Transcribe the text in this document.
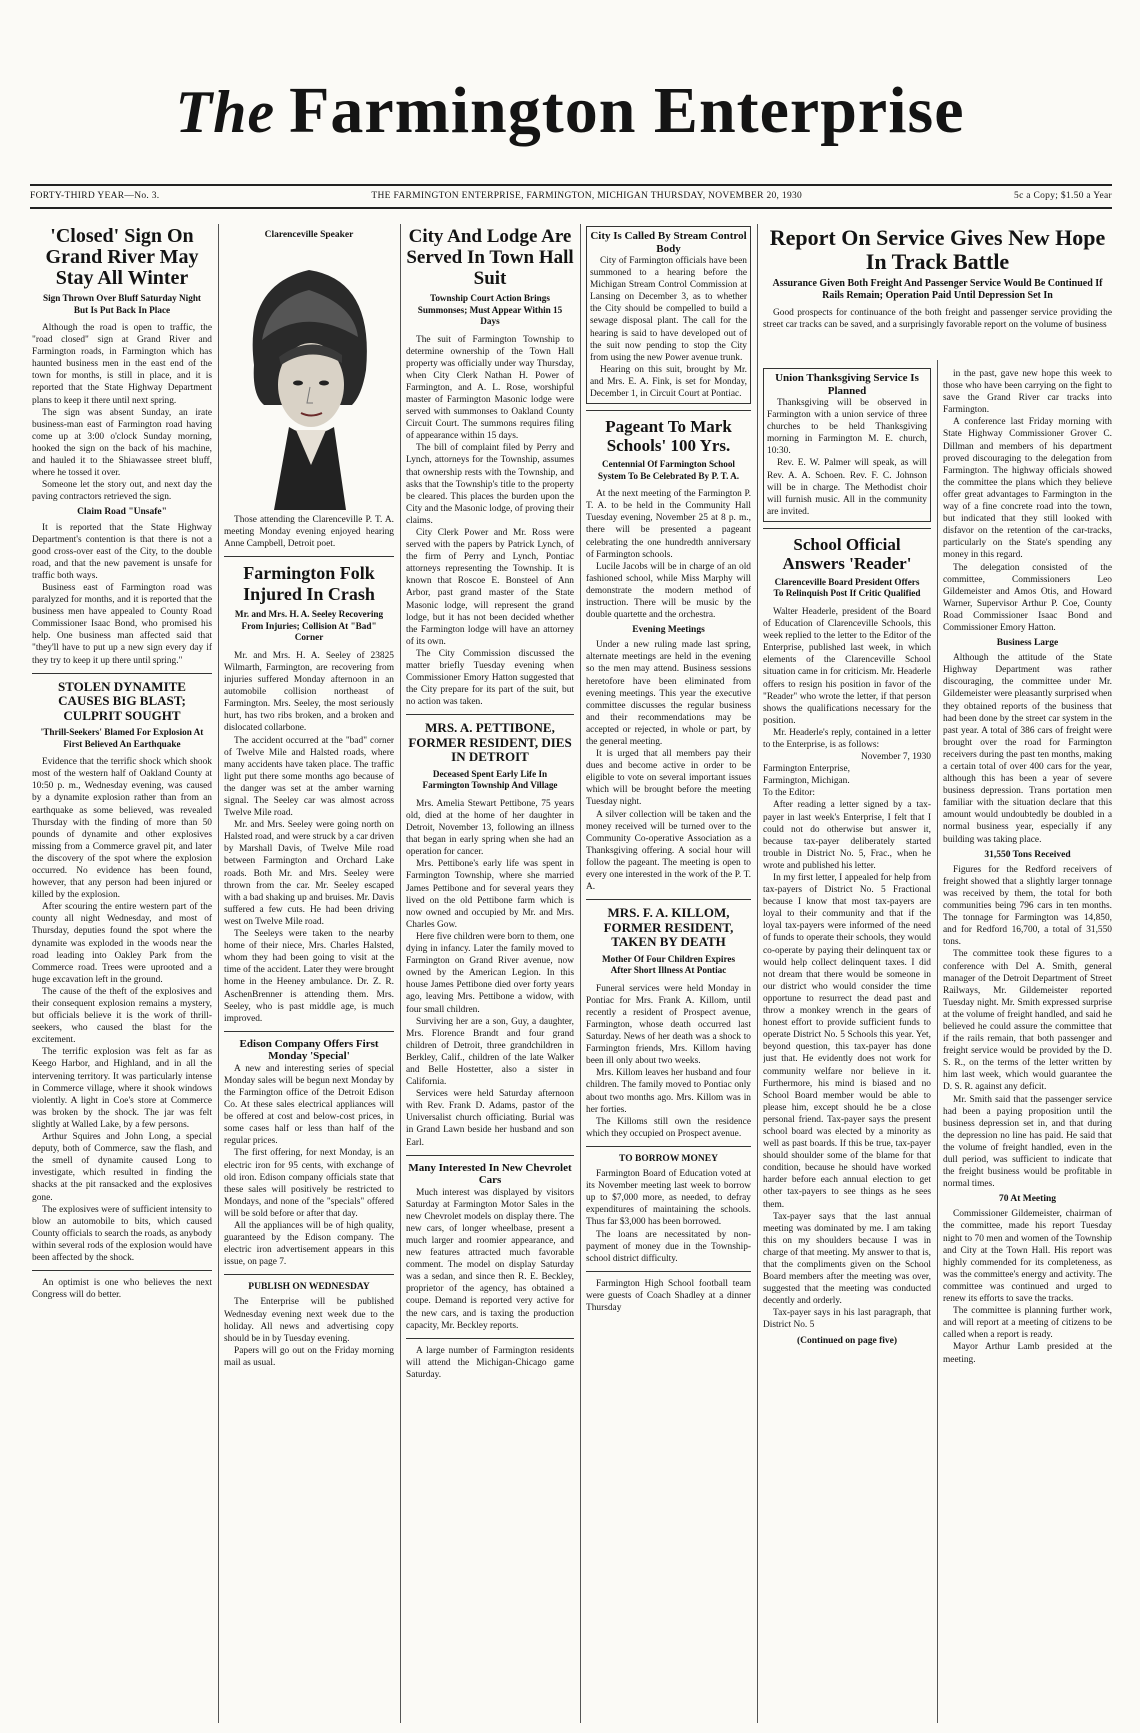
The Farmington Enterprise
FORTY-THIRD YEAR—No. 3.	THE FARMINGTON ENTERPRISE, FARMINGTON, MICHIGAN THURSDAY, NOVEMBER 20, 1930	5c a Copy; $1.50 a Year
'Closed' Sign On Grand River May Stay All Winter
Sign Thrown Over Bluff Saturday Night But Is Put Back In Place

Although the road is open to traffic, the "road closed" sign at Grand River and Farmington roads, in Farmington which has haunted business men in the east end of the town for months, is still in place, and it is reported that the State Highway Department plans to keep it there until next spring.

The sign was absent Sunday, an irate business-man east of Farmington road having come up at 3:00 o'clock Sunday morning, hooked the sign on the back of his machine, and hauled it to the Shiawassee street bluff, where he tossed it over.

Someone let the story out, and next day the paving contractors retrieved the sign.

Claim Road "Unsafe"

It is reported that the State Highway Department's contention is that there is not a good cross-over east of the City, to the double road, and that the new pavement is unsafe for traffic both ways.

Business east of Farmington road was paralyzed for months, and it is reported that the business men have appealed to County Road Commissioner Isaac Bond, who promised his help. One business man affected said that "they'll have to put up a new sign every day if they try to keep it up there until spring."

STOLEN DYNAMITE CAUSES BIG BLAST; CULPRIT SOUGHT
'Thrill-Seekers' Blamed For Explosion At First Believed An Earthquake

Evidence that the terrific shock which shook most of the western half of Oakland County at 10:50 p. m., Wednesday evening, was caused by a dynamite explosion rather than from an earthquake as some believed, was revealed Thursday with the finding of more than 50 pounds of dynamite and other explosives missing from a Commerce gravel pit, and later the discovery of the spot where the explosion occurred. No evidence has been found, however, that any person had been injured or killed by the explosion.

After scouring the entire western part of the county all night Wednesday, and most of Thursday, deputies found the spot where the dynamite was exploded in the woods near the road leading into Oakley Park from the Commerce road. Trees were uprooted and a huge excavation left in the ground.

The cause of the theft of the explosives and their consequent explosion remains a mystery, but officials believe it is the work of thrill-seekers, who caused the blast for the excitement.

The terrific explosion was felt as far as Keego Harbor, and Highland, and in all the intervening territory. It was particularly intense in Commerce village, where it shook windows violently. A light in Coe's store at Commerce was broken by the shock. The jar was felt slightly at Walled Lake, by a few persons.

Arthur Squires and John Long, a special deputy, both of Commerce, saw the flash, and the smell of dynamite caused Long to investigate, which resulted in finding the shacks at the pit ransacked and the explosives gone.

The explosives were of sufficient intensity to blow an automobile to bits, which caused County officials to search the roads, as anybody within several rods of the explosion would have been affected by the shock.

An optimist is one who believes the next Congress will do better.

Clarenceville Speaker

Those attending the Clarenceville P. T. A. meeting Monday evening enjoyed hearing Anne Campbell, Detroit poet.

Farmington Folk Injured In Crash
Mr. and Mrs. H. A. Seeley Recovering From Injuries; Collision At "Bad" Corner

Mr. and Mrs. H. A. Seeley of 23825 Wilmarth, Farmington, are recovering from injuries suffered Monday afternoon in an automobile collision northeast of Farmington. Mrs. Seeley, the most seriously hurt, has two ribs broken, and a broken and dislocated collarbone.

The accident occurred at the "bad" corner of Twelve Mile and Halsted roads, where many accidents have taken place. The traffic light put there some months ago because of the danger was set at the amber warning signal. The Seeley car was almost across Twelve Mile road.

Mr. and Mrs. Seeley were going north on Halsted road, and were struck by a car driven by Marshall Davis, of Twelve Mile road between Farmington and Orchard Lake roads. Both Mr. and Mrs. Seeley were thrown from the car. Mr. Seeley escaped with a bad shaking up and bruises. Mr. Davis suffered a few cuts. He had been driving west on Twelve Mile road.

The Seeleys were taken to the nearby home of their niece, Mrs. Charles Halsted, whom they had been going to visit at the time of the accident. Later they were brought home in the Heeney ambulance. Dr. Z. R. AschenBrenner is attending them. Mrs. Seeley, who is past middle age, is much improved.

Edison Company Offers First Monday 'Special'

A new and interesting series of special Monday sales will be begun next Monday by the Farmington office of the Detroit Edison Co. At these sales electrical appliances will be offered at cost and below-cost prices, in some cases half or less than half of the regular prices.

The first offering, for next Monday, is an electric iron for 95 cents, with exchange of old iron. Edison company officials state that these sales will positively be restricted to Mondays, and none of the "specials" offered will be sold before or after that day.

All the appliances will be of high quality, guaranteed by the Edison company. The electric iron advertisement appears in this issue, on page 7.

PUBLISH ON WEDNESDAY

The Enterprise will be published Wednesday evening next week due to the holiday. All news and advertising copy should be in by Tuesday evening.

Papers will go out on the Friday morning mail as usual.

City And Lodge Are Served In Town Hall Suit
Township Court Action Brings Summonses; Must Appear Within 15 Days

The suit of Farmington Township to determine ownership of the Town Hall property was officially under way Thursday, when City Clerk Nathan H. Power of Farmington, and A. L. Rose, worshipful master of Farmington Masonic lodge were served with summonses to Oakland County Circuit Court. The summons requires filing of appearance within 15 days.

The bill of complaint filed by Perry and Lynch, attorneys for the Township, assumes that ownership rests with the Township, and asks that the Township's title to the property be cleared. This places the burden upon the City and the Masonic lodge, of proving their claims.

City Clerk Power and Mr. Ross were served with the papers by Patrick Lynch, of the firm of Perry and Lynch, Pontiac attorneys representing the Township. It is known that Roscoe E. Bonsteel of Ann Arbor, past grand master of the State Masonic lodge, will represent the grand lodge, but it has not been decided whether the Farmington lodge will have an attorney of its own.

The City Commission discussed the matter briefly Tuesday evening when Commissioner Emory Hatton suggested that the City prepare for its part of the suit, but no action was taken.

MRS. A. PETTIBONE, FORMER RESIDENT, DIES IN DETROIT
Deceased Spent Early Life In Farmington Township And Village

Mrs. Amelia Stewart Pettibone, 75 years old, died at the home of her daughter in Detroit, November 13, following an illness that began in early spring when she had an operation for cancer.

Mrs. Pettibone's early life was spent in Farmington Township, where she married James Pettibone and for several years they lived on the old Pettibone farm which is now owned and occupied by Mr. and Mrs. Charles Gow.

Here five children were born to them, one dying in infancy. Later the family moved to Farmington on Grand River avenue, now owned by the American Legion. In this house James Pettibone died over forty years ago, leaving Mrs. Pettibone a widow, with four small children.

Surviving her are a son, Guy, a daughter, Mrs. Florence Brandt and four grand children of Detroit, three grandchildren in Berkley, Calif., children of the late Walker and Belle Hostetter, also a sister in California.

Services were held Saturday afternoon with Rev. Frank D. Adams, pastor of the Universalist church officiating. Burial was in Grand Lawn beside her husband and son Earl.

Many Interested In New Chevrolet Cars

Much interest was displayed by visitors Saturday at Farmington Motor Sales in the new Chevrolet models on display there. The new cars, of longer wheelbase, present a much larger and roomier appearance, and new features attracted much favorable comment. The model on display Saturday was a sedan, and since then R. E. Beckley, proprietor of the agency, has obtained a coupe. Demand is reported very active for the new cars, and is taxing the production capacity, Mr. Beckley reports.

A large number of Farmington residents will attend the Michigan-Chicago game Saturday.

City Is Called By Stream Control Body

City of Farmington officials have been summoned to a hearing before the Michigan Stream Control Commission at Lansing on December 3, as to whether the City should be compelled to build a sewage disposal plant. The call for the hearing is said to have developed out of the suit now pending to stop the City from using the new Power avenue trunk.

Hearing on this suit, brought by Mr. and Mrs. E. A. Fink, is set for Monday, December 1, in Circuit Court at Pontiac.

Pageant To Mark Schools' 100 Yrs.
Centennial Of Farmington School System To Be Celebrated By P. T. A.

At the next meeting of the Farmington P. T. A. to be held in the Community Hall Tuesday evening, November 25 at 8 p. m., there will be presented a pageant celebrating the one hundredth anniversary of Farmington schools.

Lucile Jacobs will be in charge of an old fashioned school, while Miss Marphy will demonstrate the modern method of instruction. There will be music by the double quartette and the orchestra.

Evening Meetings

Under a new ruling made last spring, alternate meetings are held in the evening so the men may attend. Business sessions heretofore have been eliminated from evening meetings. This year the executive committee discusses the regular business and their recommendations may be accepted or rejected, in whole or part, by the general meeting.

It is urged that all members pay their dues and become active in order to be eligible to vote on several important issues which will be brought before the meeting Tuesday night.

A silver collection will be taken and the money received will be turned over to the Community Co-operative Association as a Thanksgiving offering. A social hour will follow the pageant. The meeting is open to every one interested in the work of the P. T. A.

MRS. F. A. KILLOM, FORMER RESIDENT, TAKEN BY DEATH
Mother Of Four Children Expires After Short Illness At Pontiac

Funeral services were held Monday in Pontiac for Mrs. Frank A. Killom, until recently a resident of Prospect avenue, Farmington, whose death occurred last Saturday. News of her death was a shock to Farmington friends, Mrs. Killom having been ill only about two weeks.

Mrs. Killom leaves her husband and four children. The family moved to Pontiac only about two months ago. Mrs. Killom was in her forties.

The Killoms still own the residence which they occupied on Prospect avenue.

TO BORROW MONEY

Farmington Board of Education voted at its November meeting last week to borrow up to $7,000 more, as needed, to defray expenditures of maintaining the schools. Thus far $3,000 has been borrowed.

The loans are necessitated by non-payment of money due in the Township-school district difficulty.

Farmington High School football team were guests of Coach Shadley at a dinner Thursday

Report On Service Gives New Hope In Track Battle
Assurance Given Both Freight And Passenger Service Would Be Continued If Rails Remain; Operation Paid Until Depression Set In

Good prospects for continuance of the both freight and passenger service providing the street car tracks can be saved, and a surprisingly favorable report on the volume of business

Union Thanksgiving Service Is Planned

Thanksgiving will be observed in Farmington with a union service of three churches to be held Thanksgiving morning in Farmington M. E. church, 10:30.

Rev. E. W. Palmer will speak, as will Rev. A. A. Schoen. Rev. F. C. Johnson will be in charge. The Methodist choir will furnish music. All in the community are invited.

School Official Answers 'Reader'
Clarenceville Board President Offers To Relinquish Post If Critic Qualified

Walter Headerle, president of the Board of Education of Clarenceville Schools, this week replied to the letter to the Editor of the Enterprise, published last week, in which elements of the Clarenceville School situation came in for criticism. Mr. Headerle offers to resign his position in favor of the "Reader" who wrote the letter, if that person shows the qualifications necessary for the position.

Mr. Headerle's reply, contained in a letter to the Enterprise, is as follows:

November 7, 1930
Farmington Enterprise,
Farmington, Michigan.
To the Editor:

After reading a letter signed by a tax-payer in last week's Enterprise, I felt that I could not do otherwise but answer it, because tax-payer deliberately started trouble in District No. 5, Frac., when he wrote and published his letter.

In my first letter, I appealed for help from tax-payers of District No. 5 Fractional because I know that most tax-payers are loyal to their community and that if the loyal tax-payers were informed of the need of funds to operate their schools, they would co-operate by paying their delinquent tax or would help collect delinquent taxes. I did not dream that there would be someone in our district who would consider the time opportune to resurrect the dead past and throw a monkey wrench in the gears of honest effort to provide sufficient funds to operate District No. 5 Schools this year. Yet, beyond question, this tax-payer has done just that. He evidently does not work for community welfare nor believe in it. Furthermore, his mind is biased and no School Board member would be able to please him, except should he be a close personal friend. Tax-payer says the present school board was elected by a minority as well as past boards. If this be true, tax-payer should shoulder some of the blame for that condition, because he should have worked harder before each annual election to get other tax-payers to see things as he sees them.

Tax-payer says that the last annual meeting was dominated by me. I am taking this on my shoulders because I was in charge of that meeting. My answer to that is, that the compliments given on the School Board members after the meeting was over, suggested that the meeting was conducted decently and orderly.

Tax-payer says in his last paragraph, that District No. 5

(Continued on page five)

in the past, gave new hope this week to those who have been carrying on the fight to save the Grand River car tracks into Farmington.

A conference last Friday morning with State Highway Commissioner Grover C. Dillman and members of his department proved discouraging to the delegation from Farmington. The highway officials showed the committee the plans which they believe offer great advantages to Farmington in the way of a fine concrete road into the town, but indicated that they still looked with disfavor on the retention of the car-tracks, particularly on the State's spending any money in this regard.

The delegation consisted of the committee, Commissioners Leo Gildemeister and Amos Otis, and Howard Warner, Supervisor Arthur P. Coe, County Road Commissioner Isaac Bond and Commissioner Emory Hatton.

Business Large

Although the attitude of the State Highway Department was rather discouraging, the committee under Mr. Gildemeister were pleasantly surprised when they obtained reports of the business that had been done by the street car system in the past year. A total of 386 cars of freight were brought over the road for Farmington receivers during the past ten months, making a certain total of over 400 cars for the year, although this has been a year of severe business depression. Trans portation men familiar with the situation declare that this amount would undoubtedly be doubled in a normal business year, especially if any building was taking place.

31,550 Tons Received

Figures for the Redford receivers of freight showed that a slightly larger tonnage was received by them, the total for both communities being 796 cars in ten months. The tonnage for Farmington was 14,850, and for Redford 16,700, a total of 31,550 tons.

The committee took these figures to a conference with Del A. Smith, general manager of the Detroit Department of Street Railways, Mr. Gildemeister reported Tuesday night. Mr. Smith expressed surprise at the volume of freight handled, and said he believed he could assure the committee that if the rails remain, that both passenger and freight service would be provided by the D. S. R., on the terms of the letter written by him last week, which would guarantee the D. S. R. against any deficit.

Mr. Smith said that the passenger service had been a paying proposition until the business depression set in, and that during the depression no line has paid. He said that the volume of freight handled, even in the dull period, was sufficient to indicate that the freight business would be profitable in normal times.

70 At Meeting

Commissioner Gildemeister, chairman of the committee, made his report Tuesday night to 70 men and women of the Township and City at the Town Hall. His report was highly commended for its completeness, as was the committee's energy and activity. The committee was continued and urged to renew its efforts to save the tracks.

The committee is planning further work, and will report at a meeting of citizens to be called when a report is ready.

Mayor Arthur Lamb presided at the meeting.
